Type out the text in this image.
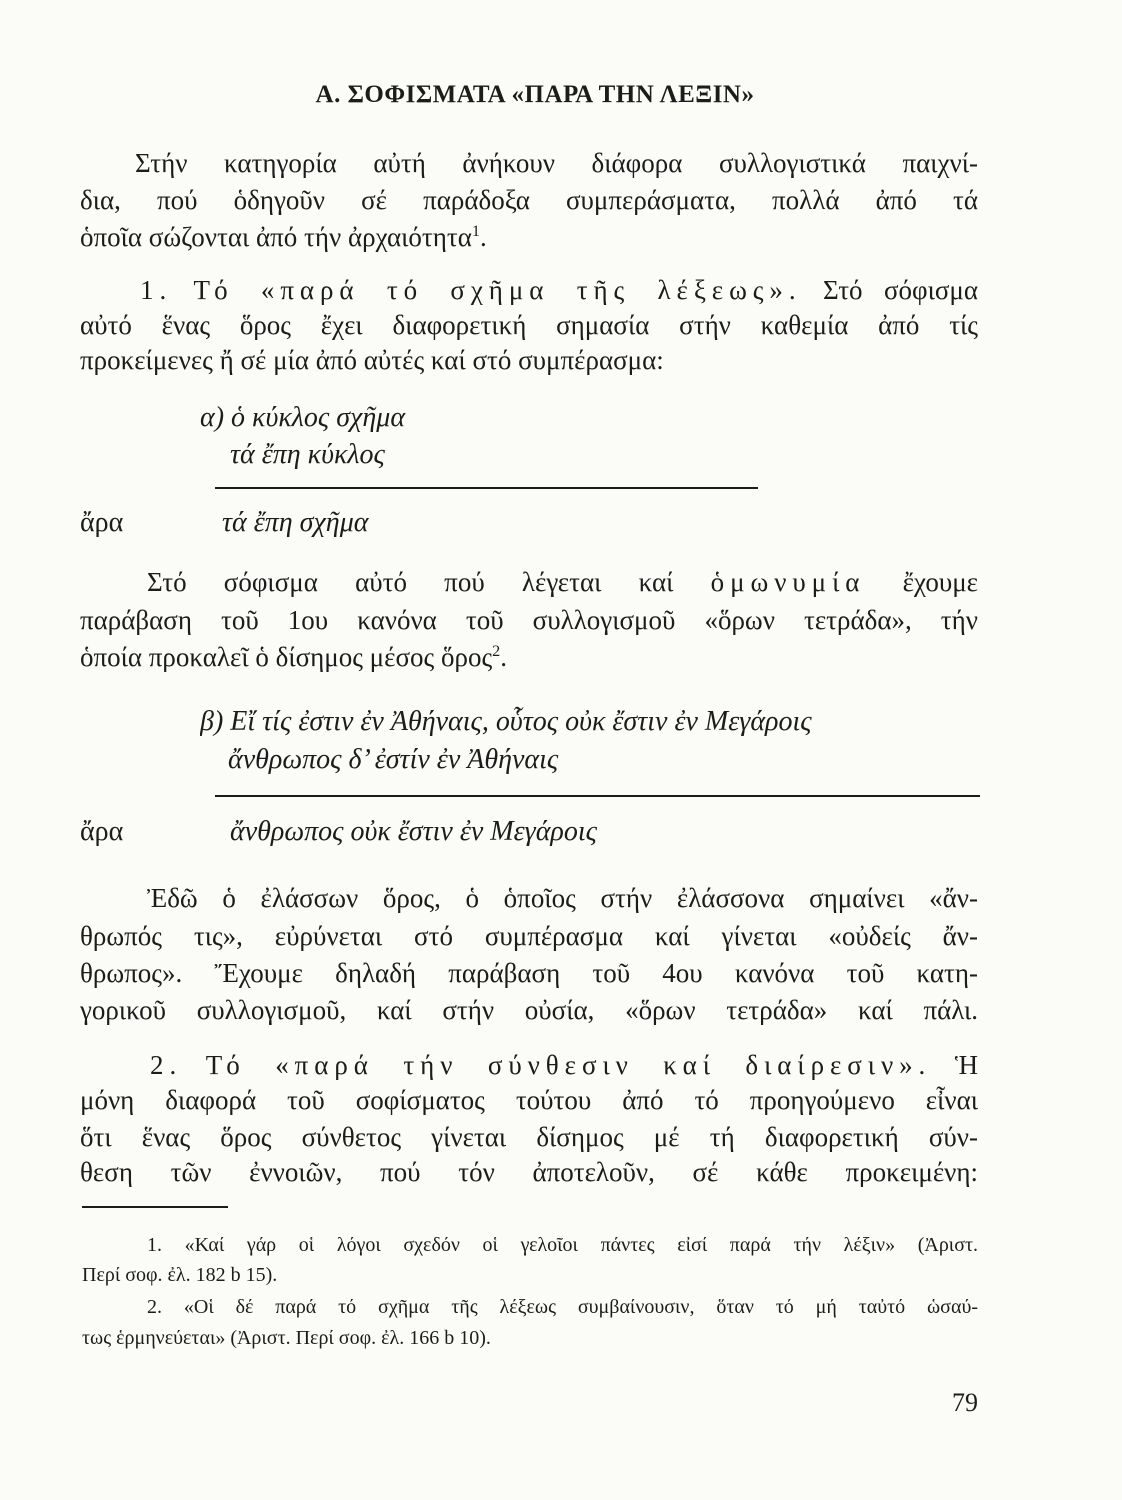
Α. ΣΟΦΙΣΜΑΤΑ «ΠΑΡΑ ΤΗΝ ΛΕΞΙΝ»
Στήν κατηγορία αὐτή ἀνήκουν διάφορα συλλογιστικά παιχνί-
δια, πού ὁδηγοῦν σέ παράδοξα συμπεράσματα, πολλά ἀπό τά
ὁποῖα σώζονται ἀπό τήν ἀρχαιότητα$^1$.
1. Τό «παρά τό σχῆμα τῆς λέξεως». Στό σόφισμα
αὐτό ἕνας ὅρος ἔχει διαφορετική σημασία στήν καθεμία ἀπό τίς
προκείμενες ἤ σέ μία ἀπό αὐτές καί στό συμπέρασμα:
α) ὁ κύκλος σχῆμα
τά ἔπη κύκλος
ἄρα	τά ἔπη σχῆμα
Στό σόφισμα αὐτό πού λέγεται καί ὁμωνυμία ἔχουμε
παράβαση τοῦ 1ου κανόνα τοῦ συλλογισμοῦ «ὅρων τετράδα», τήν
ὁποία προκαλεῖ ὁ δίσημος μέσος ὅρος$^2$.
β) Εἴ τίς ἐστιν ἐν Ἀθήναις, οὗτος οὐκ ἔστιν ἐν Μεγάροις
ἄνθρωπος δ’ ἐστίν ἐν Ἀθήναις
ἄρα	ἄνθρωπος οὐκ ἔστιν ἐν Μεγάροις
Ἐδῶ ὁ ἐλάσσων ὅρος, ὁ ὁποῖος στήν ἐλάσσονα σημαίνει «ἄν-
θρωπός τις», εὐρύνεται στό συμπέρασμα καί γίνεται «οὐδείς ἄν-
θρωπος». Ἔχουμε δηλαδή παράβαση τοῦ 4ου κανόνα τοῦ κατη-
γορικοῦ συλλογισμοῦ, καί στήν οὐσία, «ὅρων τετράδα» καί πάλι.
2. Τό «παρά τήν σύνθεσιν καί διαίρεσιν». Ἡ
μόνη διαφορά τοῦ σοφίσματος τούτου ἀπό τό προηγούμενο εἶναι
ὅτι ἕνας ὅρος σύνθετος γίνεται δίσημος μέ τή διαφορετική σύν-
θεση τῶν ἐννοιῶν, πού τόν ἀποτελοῦν, σέ κάθε προκειμένη:
1. «Καί γάρ οἱ λόγοι σχεδόν οἱ γελοῖοι πάντες εἰσί παρά τήν λέξιν» (Ἀριστ.
Περί σοφ. ἐλ. 182 b 15).
2. «Οἱ δέ παρά τό σχῆμα τῆς λέξεως συμβαίνουσιν, ὅταν τό μή ταὐτό ὡσαύ-
τως ἑρμηνεύεται» (Ἀριστ. Περί σοφ. ἐλ. 166 b 10).
79
